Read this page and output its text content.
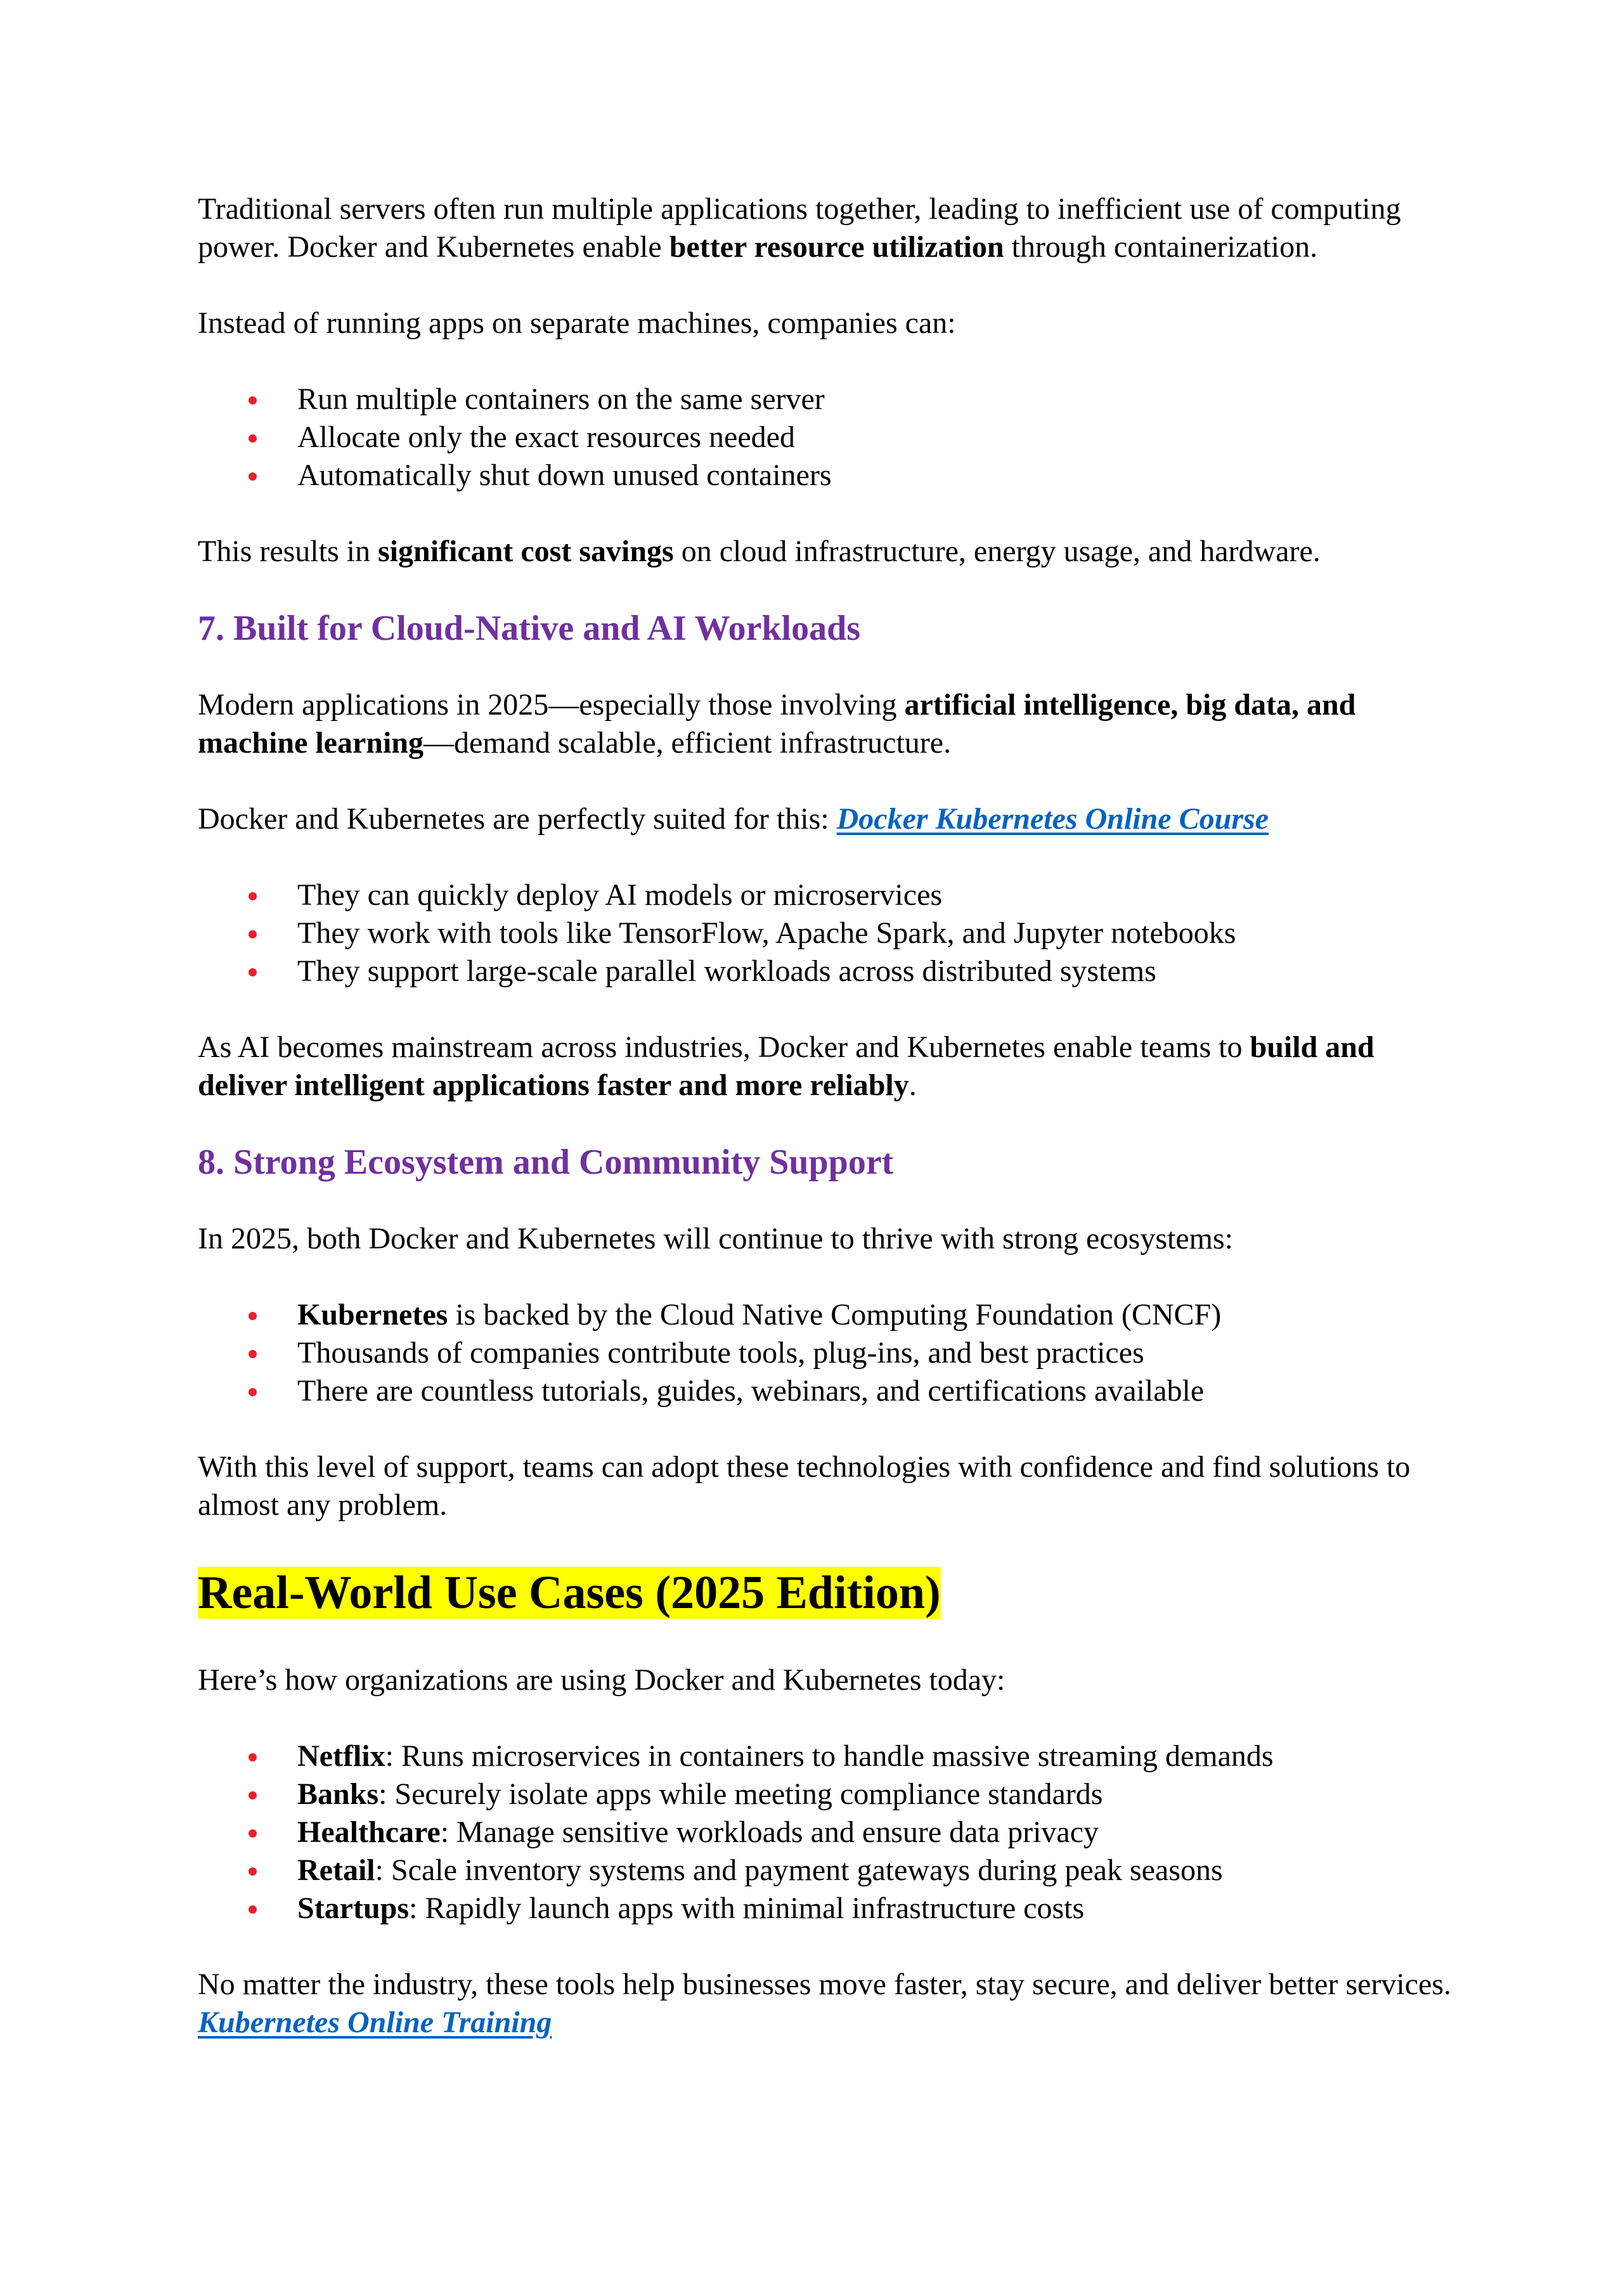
Traditional servers often run multiple applications together, leading to inefficient use of computing power. Docker and Kubernetes enable better resource utilization through containerization.

Instead of running apps on separate machines, companies can:

Run multiple containers on the same server
Allocate only the exact resources needed
Automatically shut down unused containers

This results in significant cost savings on cloud infrastructure, energy usage, and hardware.

7. Built for Cloud-Native and AI Workloads

Modern applications in 2025—especially those involving artificial intelligence, big data, and machine learning—demand scalable, efficient infrastructure.

Docker and Kubernetes are perfectly suited for this: Docker Kubernetes Online Course

They can quickly deploy AI models or microservices
They work with tools like TensorFlow, Apache Spark, and Jupyter notebooks
They support large-scale parallel workloads across distributed systems

As AI becomes mainstream across industries, Docker and Kubernetes enable teams to build and deliver intelligent applications faster and more reliably.

8. Strong Ecosystem and Community Support

In 2025, both Docker and Kubernetes will continue to thrive with strong ecosystems:

Kubernetes is backed by the Cloud Native Computing Foundation (CNCF)
Thousands of companies contribute tools, plug-ins, and best practices
There are countless tutorials, guides, webinars, and certifications available

With this level of support, teams can adopt these technologies with confidence and find solutions to almost any problem.

Real-World Use Cases (2025 Edition)

Here’s how organizations are using Docker and Kubernetes today:

Netflix: Runs microservices in containers to handle massive streaming demands
Banks: Securely isolate apps while meeting compliance standards
Healthcare: Manage sensitive workloads and ensure data privacy
Retail: Scale inventory systems and payment gateways during peak seasons
Startups: Rapidly launch apps with minimal infrastructure costs

No matter the industry, these tools help businesses move faster, stay secure, and deliver better services. Kubernetes Online Training
